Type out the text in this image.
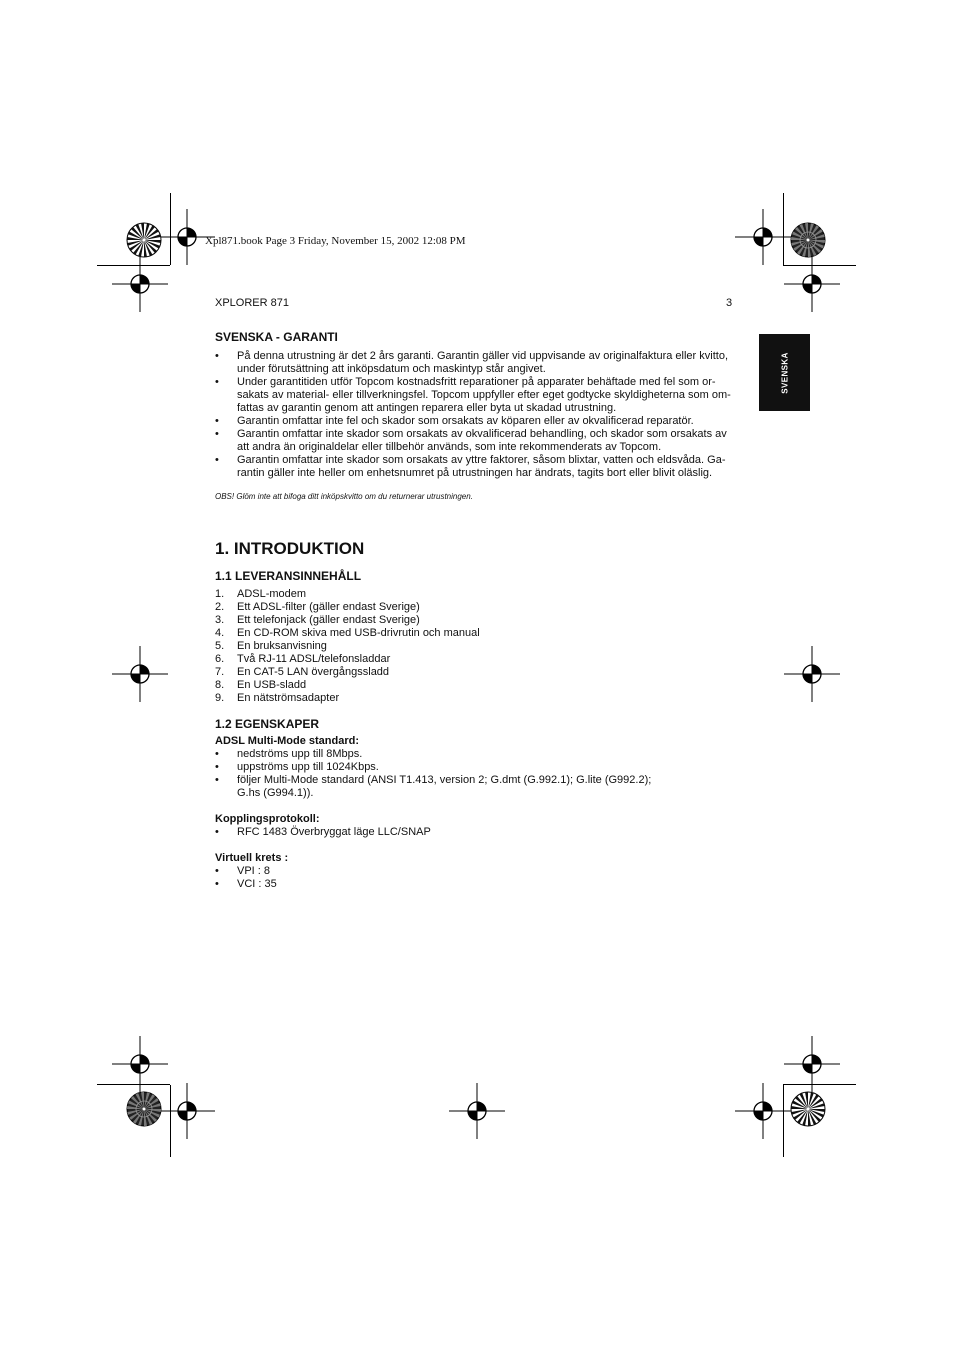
Xpl871.book Page 3 Friday, November 15, 2002 12:08 PM
XPLORER 871	3
SVENSKA
SVENSKA - GARANTI
•	På denna utrustning är det 2 års garanti. Garantin gäller vid uppvisande av originalfaktura eller kvitto,
under förutsättning att inköpsdatum och maskintyp står angivet.
•	Under garantitiden utför Topcom kostnadsfritt reparationer på apparater behäftade med fel som or-
sakats av material- eller tillverkningsfel. Topcom uppfyller efter eget godtycke skyldigheterna som om-
fattas av garantin genom att antingen reparera eller byta ut skadad utrustning.
•	Garantin omfattar inte fel och skador som orsakats av köparen eller av okvalificerad reparatör.
•	Garantin omfattar inte skador som orsakats av okvalificerad behandling, och skador som orsakats av
att andra än originaldelar eller tillbehör används, som inte rekommenderats av Topcom.
•	Garantin omfattar inte skador som orsakats av yttre faktorer, såsom blixtar, vatten och eldsvåda. Ga-
rantin gäller inte heller om enhetsnumret på utrustningen har ändrats, tagits bort eller blivit oläslig.
OBS! Glöm inte att bifoga ditt inköpskvitto om du returnerar utrustningen.
1. INTRODUKTION
1.1 LEVERANSINNEHÅLL
1.	ADSL-modem
2.	Ett ADSL-filter (gäller endast Sverige)
3.	Ett telefonjack (gäller endast Sverige)
4.	En CD-ROM skiva med USB-drivrutin och manual
5.	En bruksanvisning
6.	Två RJ-11 ADSL/telefonsladdar
7.	En CAT-5 LAN övergångssladd
8.	En USB-sladd
9.	En nätströmsadapter
1.2 EGENSKAPER
ADSL Multi-Mode standard:
•	nedströms upp till 8Mbps.
•	uppströms upp till 1024Kbps.
•	följer Multi-Mode standard (ANSI T1.413, version 2; G.dmt (G.992.1); G.lite (G992.2);
G.hs (G994.1)).
Kopplingsprotokoll:
•	RFC 1483 Överbryggat läge LLC/SNAP
Virtuell krets :
•	VPI : 8
•	VCI : 35
